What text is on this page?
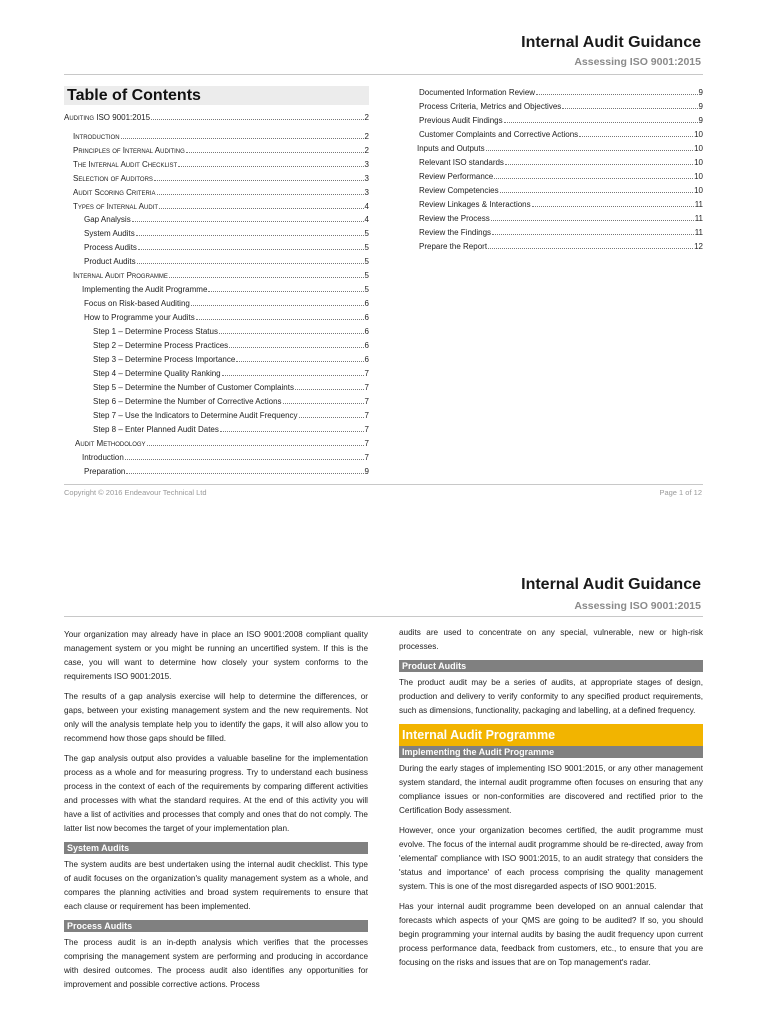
Internal Audit Guidance
Assessing ISO 9001:2015
Table of Contents
Auditing ISO 9001:2015	2
Introduction	2
Principles of Internal Auditing	2
The Internal Audit Checklist	3
Selection of Auditors	3
Audit Scoring Criteria	3
Types of Internal Audit	4
Gap Analysis	4
System Audits	5
Process Audits	5
Product Audits	5
Internal Audit Programme	5
Implementing the Audit Programme	5
Focus on Risk-based Auditing	6
How to Programme your Audits	6
Step 1 – Determine Process Status	6
Step 2 – Determine Process Practices	6
Step 3 – Determine Process Importance	6
Step 4 – Determine Quality Ranking	7
Step 5 – Determine the Number of Customer Complaints	7
Step 6 – Determine the Number of Corrective Actions	7
Step 7 – Use the Indicators to Determine Audit Frequency	7
Step 8 – Enter Planned Audit Dates	7
Audit Methodology	7
Introduction	7
Preparation	9
Documented Information Review	9
Process Criteria, Metrics and Objectives	9
Previous Audit Findings	9
Customer Complaints and Corrective Actions	10
Inputs and Outputs	10
Relevant ISO standards	10
Review Performance	10
Review Competencies	10
Review Linkages & Interactions	11
Review the Process	11
Review the Findings	11
Prepare the Report	12
Copyright © 2016 Endeavour Technical Ltd	Page 1 of 12
Internal Audit Guidance
Assessing ISO 9001:2015

Your organization may already have in place an ISO 9001:2008 compliant quality management system or you might be running an uncertified system. If this is the case, you will want to determine how closely your system conforms to the requirements ISO 9001:2015.

The results of a gap analysis exercise will help to determine the differences, or gaps, between your existing management system and the new requirements. Not only will the analysis template help you to identify the gaps, it will also allow you to recommend how those gaps should be filled.

The gap analysis output also provides a valuable baseline for the implementation process as a whole and for measuring progress. Try to understand each business process in the context of each of the requirements by comparing different activities and processes with what the standard requires. At the end of this activity you will have a list of activities and processes that comply and ones that do not comply. The latter list now becomes the target of your implementation plan.

System Audits

The system audits are best undertaken using the internal audit checklist. This type of audit focuses on the organization's quality management system as a whole, and compares the planning activities and broad system requirements to ensure that each clause or requirement has been implemented.

Process Audits

The process audit is an in-depth analysis which verifies that the processes comprising the management system are performing and producing in accordance with desired outcomes. The process audit also identifies any opportunities for improvement and possible corrective actions. Process

audits are used to concentrate on any special, vulnerable, new or high-risk processes.

Product Audits

The product audit may be a series of audits, at appropriate stages of design, production and delivery to verify conformity to any specified product requirements, such as dimensions, functionality, packaging and labelling, at a defined frequency.

Internal Audit Programme
Implementing the Audit Programme

During the early stages of implementing ISO 9001:2015, or any other management system standard, the internal audit programme often focuses on ensuring that any compliance issues or non-conformities are discovered and rectified prior to the Certification Body assessment.

However, once your organization becomes certified, the audit programme must evolve. The focus of the internal audit programme should be re-directed, away from 'elemental' compliance with ISO 9001:2015, to an audit strategy that considers the 'status and importance' of each process comprising the quality management system. This is one of the most disregarded aspects of ISO 9001:2015.

Has your internal audit programme been developed on an annual calendar that forecasts which aspects of your QMS are going to be audited? If so, you should begin programming your internal audits by basing the audit frequency upon current process performance data, feedback from customers, etc., to ensure that you are focusing on the risks and issues that are on Top management's radar.
